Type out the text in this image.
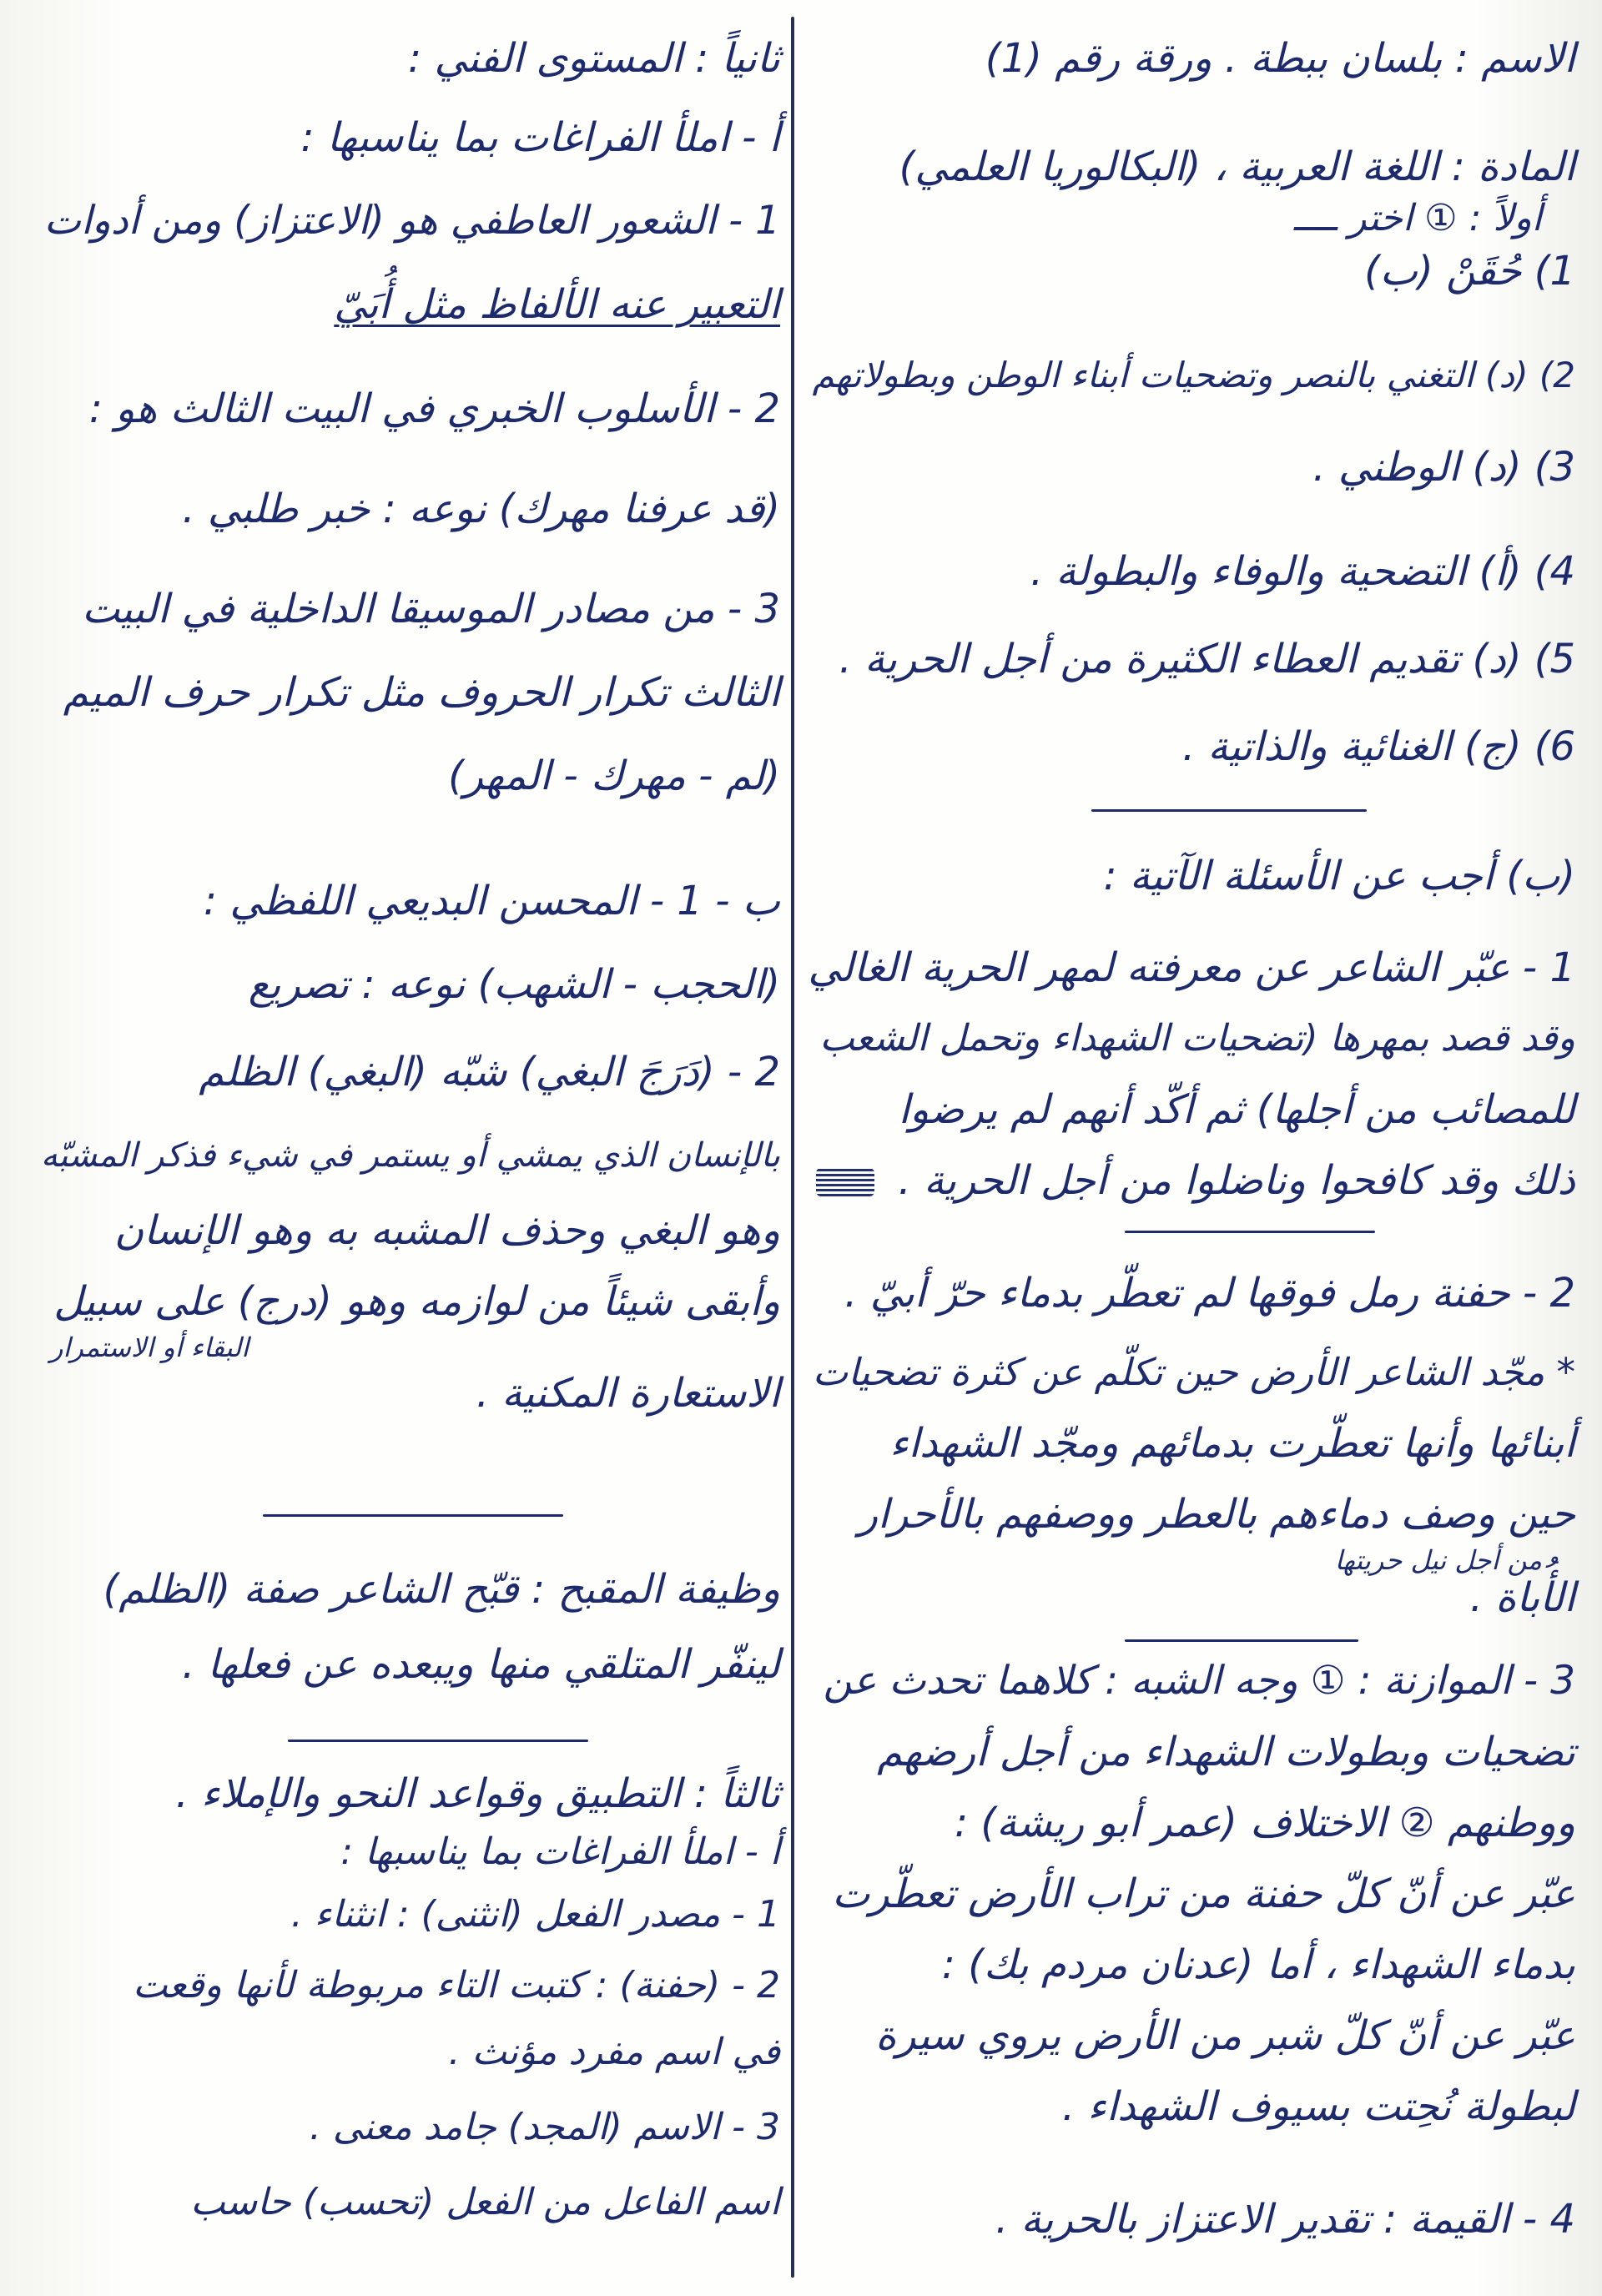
الاسم : بلسان ببطة . ورقة رقم (1)
المادة : اللغة العربية ، (البكالوريا العلمي)
أولاً : ① اختر ــــ
1) حُقَنْ (ب)
2) (د) التغني بالنصر وتضحيات أبناء الوطن وبطولاتهم
3) (د) الوطني .
4) (أ) التضحية والوفاء والبطولة .
5) (د) تقديم العطاء الكثيرة من أجل الحرية .
6) (ج) الغنائية والذاتية .
(ب) أجب عن الأسئلة الآتية :
1 - عبّر الشاعر عن معرفته لمهر الحرية الغالي
وقد قصد بمهرها (تضحيات الشهداء وتحمل الشعب
للمصائب من أجلها) ثم أكّد أنهم لم يرضوا
ذلك وقد كافحوا وناضلوا من أجل الحرية .
2 - حفنة رمل فوقها لم تعطّر بدماء حرّ أبيّ .
* مجّد الشاعر الأرض حين تكلّم عن كثرة تضحيات
أبنائها وأنها تعطّرت بدمائهم ومجّد الشهداء
حين وصف دماءهم بالعطر ووصفهم بالأحرار
من أجل نيل حريتها
الأُباة .
3 - الموازنة : ① وجه الشبه : كلاهما تحدث عن
تضحيات وبطولات الشهداء من أجل أرضهم
ووطنهم ② الاختلاف (عمر أبو ريشة) :
عبّر عن أنّ كلّ حفنة من تراب الأرض تعطّرت
بدماء الشهداء ، أما (عدنان مردم بك) :
عبّر عن أنّ كلّ شبر من الأرض يروي سيرة
لبطولة نُحِتت بسيوف الشهداء .
4 - القيمة : تقدير الاعتزاز بالحرية .
ثانياً : المستوى الفني :
أ - املأ الفراغات بما يناسبها :
1 - الشعور العاطفي هو (الاعتزاز) ومن أدوات
التعبير عنه الألفاظ مثل أُبَيّ
2 - الأسلوب الخبري في البيت الثالث هو :
(قد عرفنا مهرك) نوعه : خبر طلبي .
3 - من مصادر الموسيقا الداخلية في البيت
الثالث تكرار الحروف مثل تكرار حرف الميم
(لم - مهرك - المهر)
ب - 1 - المحسن البديعي اللفظي :
(الحجب - الشهب) نوعه : تصريع
2 - (دَرَجَ البغي) شبّه (البغي) الظلم
بالإنسان الذي يمشي أو يستمر في شيء فذكر المشبّه
وهو البغي وحذف المشبه به وهو الإنسان
وأبقى شيئاً من لوازمه وهو (درج) على سبيل
البقاء أو الاستمرار
الاستعارة المكنية .
وظيفة المقبح : قبّح الشاعر صفة (الظلم)
لينفّر المتلقي منها ويبعده عن فعلها .
ثالثاً : التطبيق وقواعد النحو والإملاء .
أ - املأ الفراغات بما يناسبها :
1 - مصدر الفعل (انثنى) : انثناء .
2 - (حفنة) : كتبت التاء مربوطة لأنها وقعت
في اسم مفرد مؤنث .
3 - الاسم (المجد) جامد معنى .
اسم الفاعل من الفعل (تحسب) حاسب
